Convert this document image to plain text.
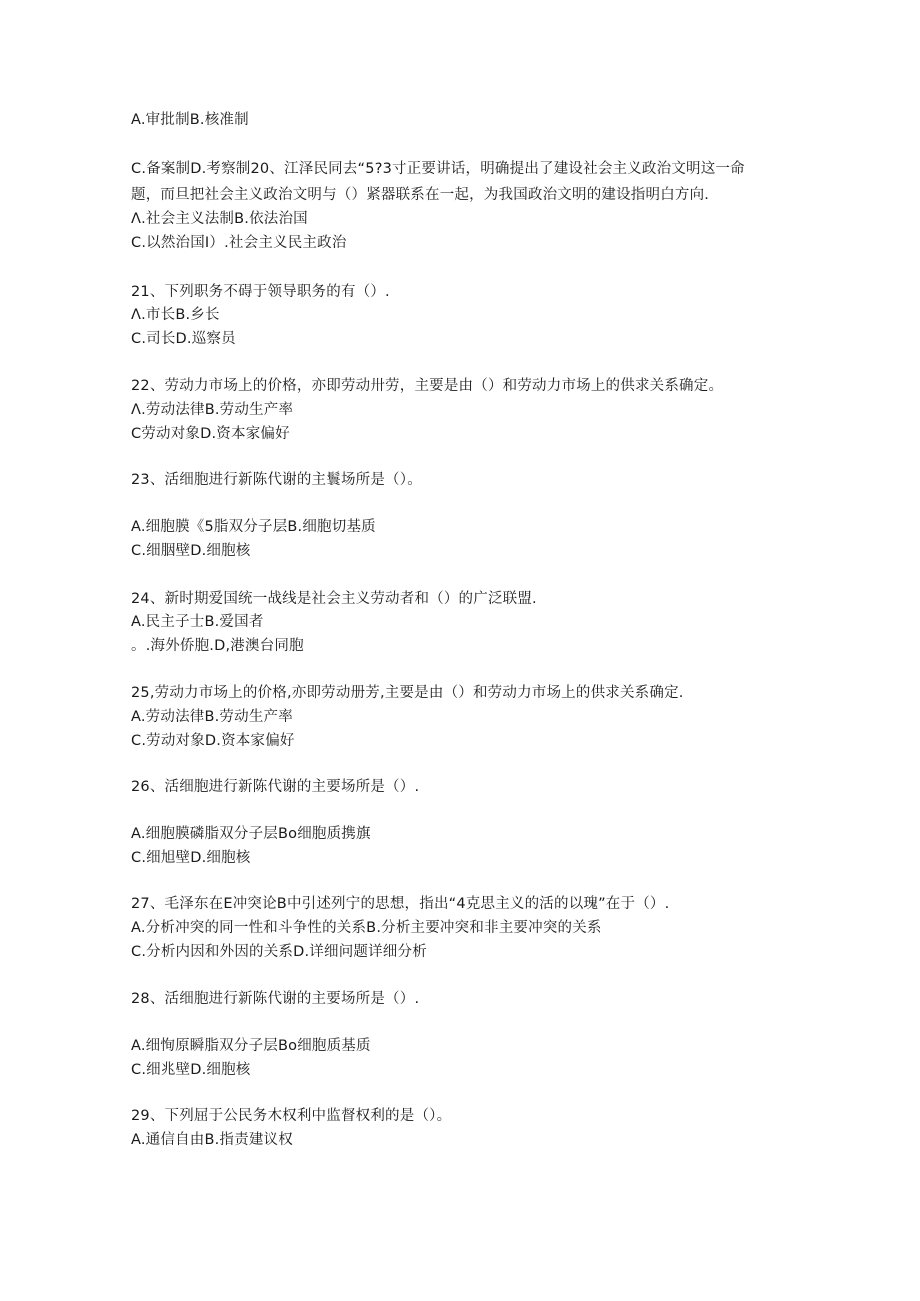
A.审批制B.核准制
C.备案制D.考察制20、江泽民同去“5?3寸正要讲话，明确提出了建设社会主义政治文明这一命
题，而旦把社会主义政治文明与（）紧器联系在一起，为我国政治文明的建设指明白方向.
Λ.社会主义法制B.依法治国
C.以然治国I）.社会主义民主政治
21、下列职务不碍于领导职务的有（）.
Λ.市长B.乡长
C.司长D.巡察员
22、劳动力市场上的价格，亦即劳动卅劳，主要是由（）和劳动力市场上的供求关系确定。
Λ.劳动法律B.劳动生产率
C劳动对象D.资本家偏好
23、活细胞进行新陈代谢的主鬟场所是（）。
A.细胞膜《5脂双分子层B.细胞切基质
C.细胭壁D.细胞核
24、新时期爱国统一战线是社会主义劳动者和（）的广泛联盟.
A.民主子士B.爱国者
。.海外侨胞.D,港澳台同胞
25,劳动力市场上的价格,亦即劳动册芳,主要是由（）和劳动力市场上的供求关系确定.
A.劳动法律B.劳动生产率
C.劳动对象D.资本家偏好
26、活细胞进行新陈代谢的主要场所是（）.
A.细胞膜磷脂双分子层Bo细胞质携旗
C.细旭壁D.细胞核
27、毛泽东在E冲突论B中引述列宁的思想，指出“4克思主义的活的以瑰”在于（）.
A.分析冲突的同一性和斗争性的关系B.分析主要冲突和非主要冲突的关系
C.分析内因和外因的关系D.详细问题详细分析
28、活细胞进行新陈代谢的主要场所是（）.
A.细恂原瞬脂双分子层Bo细胞质基质
C.细兆壁D.细胞核
29、下列屈于公民务木权利中监督权利的是（）。
A.通信自由B.指责建议权
